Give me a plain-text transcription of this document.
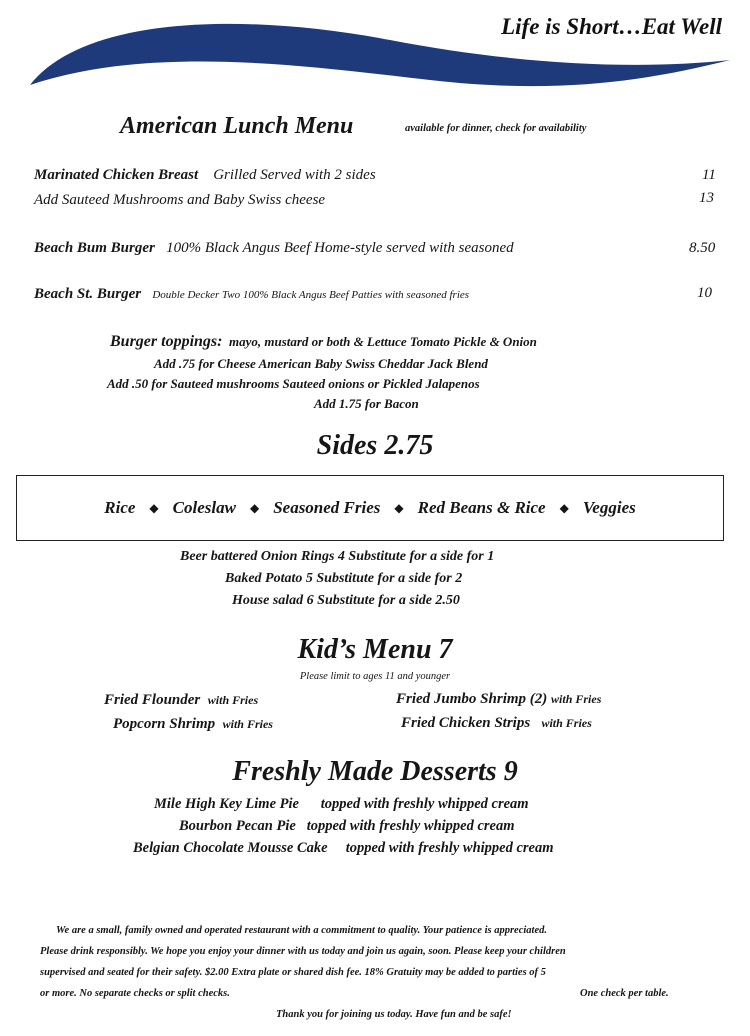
Life is Short…Eat Well
American Lunch Menu	available for dinner, check for availability
Marinated Chicken Breast Grilled Served with 2 sides	11
Add Sauteed Mushrooms and Baby Swiss cheese	13
Beach Bum Burger 100% Black Angus Beef Home-style served with seasoned	8.50
Beach St. Burger Double Decker Two 100% Black Angus Beef Patties with seasoned fries	10
Burger toppings: mayo, mustard or both & Lettuce Tomato Pickle & Onion
Add .75 for Cheese American Baby Swiss Cheddar Jack Blend
Add .50 for Sauteed mushrooms Sauteed onions or Pickled Jalapenos
Add 1.75 for Bacon
Sides 2.75
Rice ◆ Coleslaw ◆ Seasoned Fries ◆ Red Beans & Rice ◆ Veggies
Beer battered Onion Rings 4 Substitute for a side for 1
Baked Potato 5 Substitute for a side for 2
House salad 6 Substitute for a side 2.50
Kid’s Menu 7
Please limit to ages 11 and younger
Fried Flounder with Fries	Fried Jumbo Shrimp (2) with Fries
Popcorn Shrimp with Fries	Fried Chicken Strips with Fries
Freshly Made Desserts 9
Mile High Key Lime Pie topped with freshly whipped cream
Bourbon Pecan Pie topped with freshly whipped cream
Belgian Chocolate Mousse Cake topped with freshly whipped cream
We are a small, family owned and operated restaurant with a commitment to quality. Your patience is appreciated.
Please drink responsibly. We hope you enjoy your dinner with us today and join us again, soon. Please keep your children
supervised and seated for their safety. $2.00 Extra plate or shared dish fee. 18% Gratuity may be added to parties of 5
or more. No separate checks or split checks.	One check per table.
Thank you for joining us today. Have fun and be safe!
